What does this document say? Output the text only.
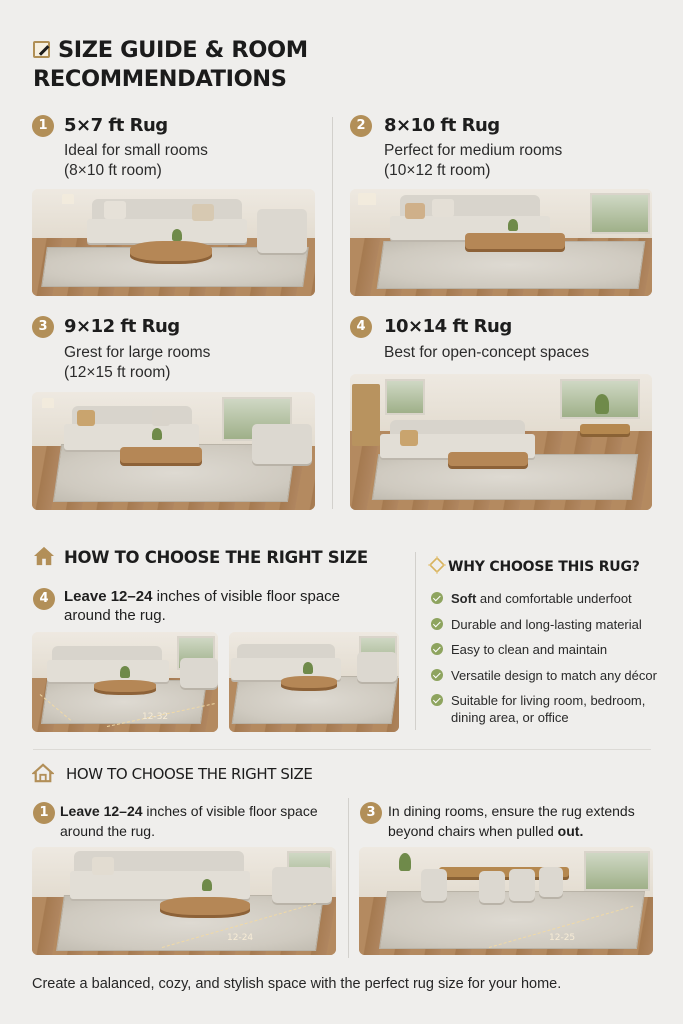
SIZE GUIDE & ROOM
RECOMMENDATIONS
1 5×7 ft Rug
Ideal for small rooms
(8×10 ft room)
2	8×10 ft Rug
Perfect for medium rooms
(10×12 ft room)
3 9×12 ft Rug
Grest for large rooms
(12×15 ft room)
4	10×14 ft Rug
Best for open-concept spaces
HOW TO CHOOSE THE RIGHT SIZE
4	Leave 12–24 inches of visible floor space around the rug.
12-32
WHY CHOOSE THIS RUG?
Soft and comfortable underfoot
Durable and long-lasting material
Easy to clean and maintain
Versatile design to match any décor
Suitable for living room, bedroom, dining area, or office
HOW TO CHOOSE THE RIGHT SIZE
1 Leave 12–24 inches of visible floor space around the rug.
12-24
3 In dining rooms, ensure the rug extends beyond chairs when pulled out.
12-25
Create a balanced, cozy, and stylish space with the perfect rug size for your home.
